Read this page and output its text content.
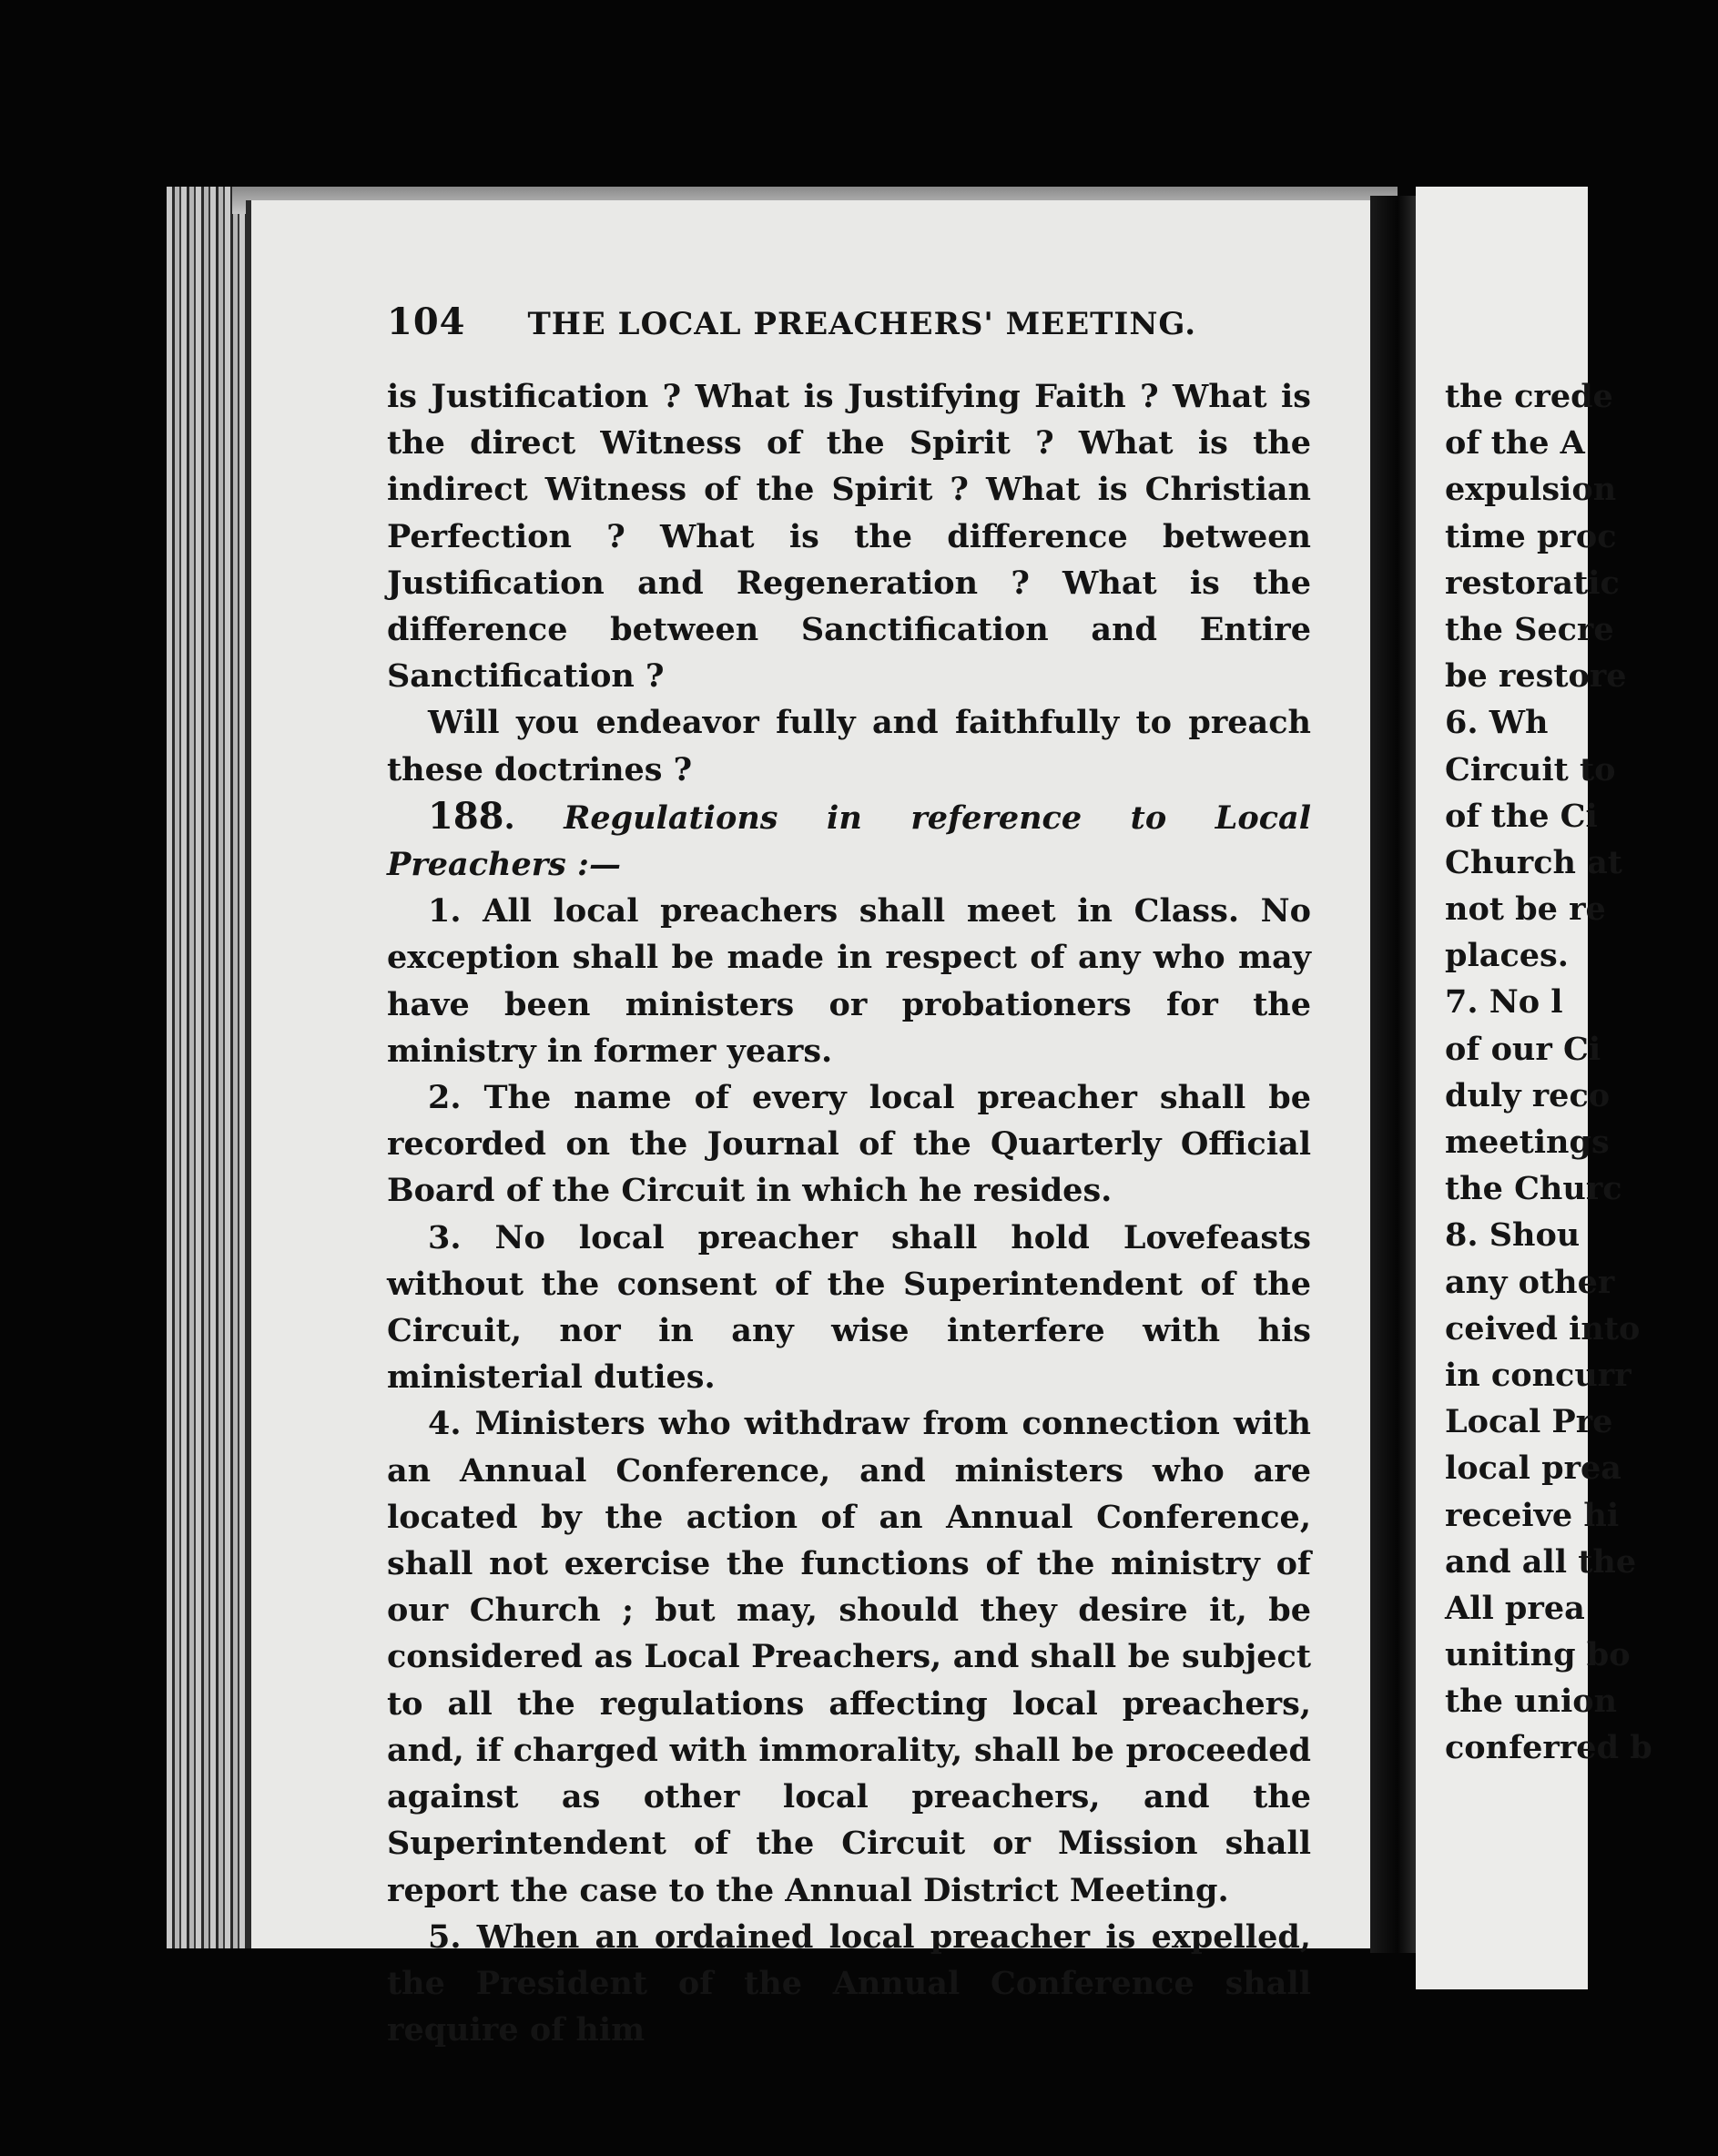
104 THE LOCAL PREACHERS' MEETING.

is Justification ? What is Justifying Faith ? What is the direct Witness of the Spirit ? What is the indirect Witness of the Spirit ? What is Christian Perfection ? What is the difference between Justification and Regeneration ? What is the difference between Sanctification and Entire Sanctification ?

Will you endeavor fully and faithfully to preach these doctrines ?

188. Regulations in reference to Local Preachers :—

1. All local preachers shall meet in Class. No exception shall be made in respect of any who may have been ministers or probationers for the ministry in former years.

2. The name of every local preacher shall be recorded on the Journal of the Quarterly Official Board of the Circuit in which he resides.

3. No local preacher shall hold Lovefeasts without the consent of the Superintendent of the Circuit, nor in any wise interfere with his ministerial duties.

4. Ministers who withdraw from connection with an Annual Conference, and ministers who are located by the action of an Annual Conference, shall not exercise the functions of the ministry of our Church ; but may, should they desire it, be considered as Local Preachers, and shall be subject to all the regulations affecting local preachers, and, if charged with immorality, shall be proceeded against as other local preachers, and the Superintendent of the Circuit or Mission shall report the case to the Annual District Meeting.

5. When an ordained local preacher is expelled, the President of the Annual Conference shall require of him

the crede
of the A
expulsion
time proc
restoratic
the Secre
be restore
6. Wh
Circuit to
of the Ci
Church at
not be re
places.
7. No l
of our Ci
duly reco
meetings
the Churc
8. Shou
any other
ceived into
in concurr
Local Pre
local prea
receive hi
and all the
All prea
uniting bo
the union
conferred b
